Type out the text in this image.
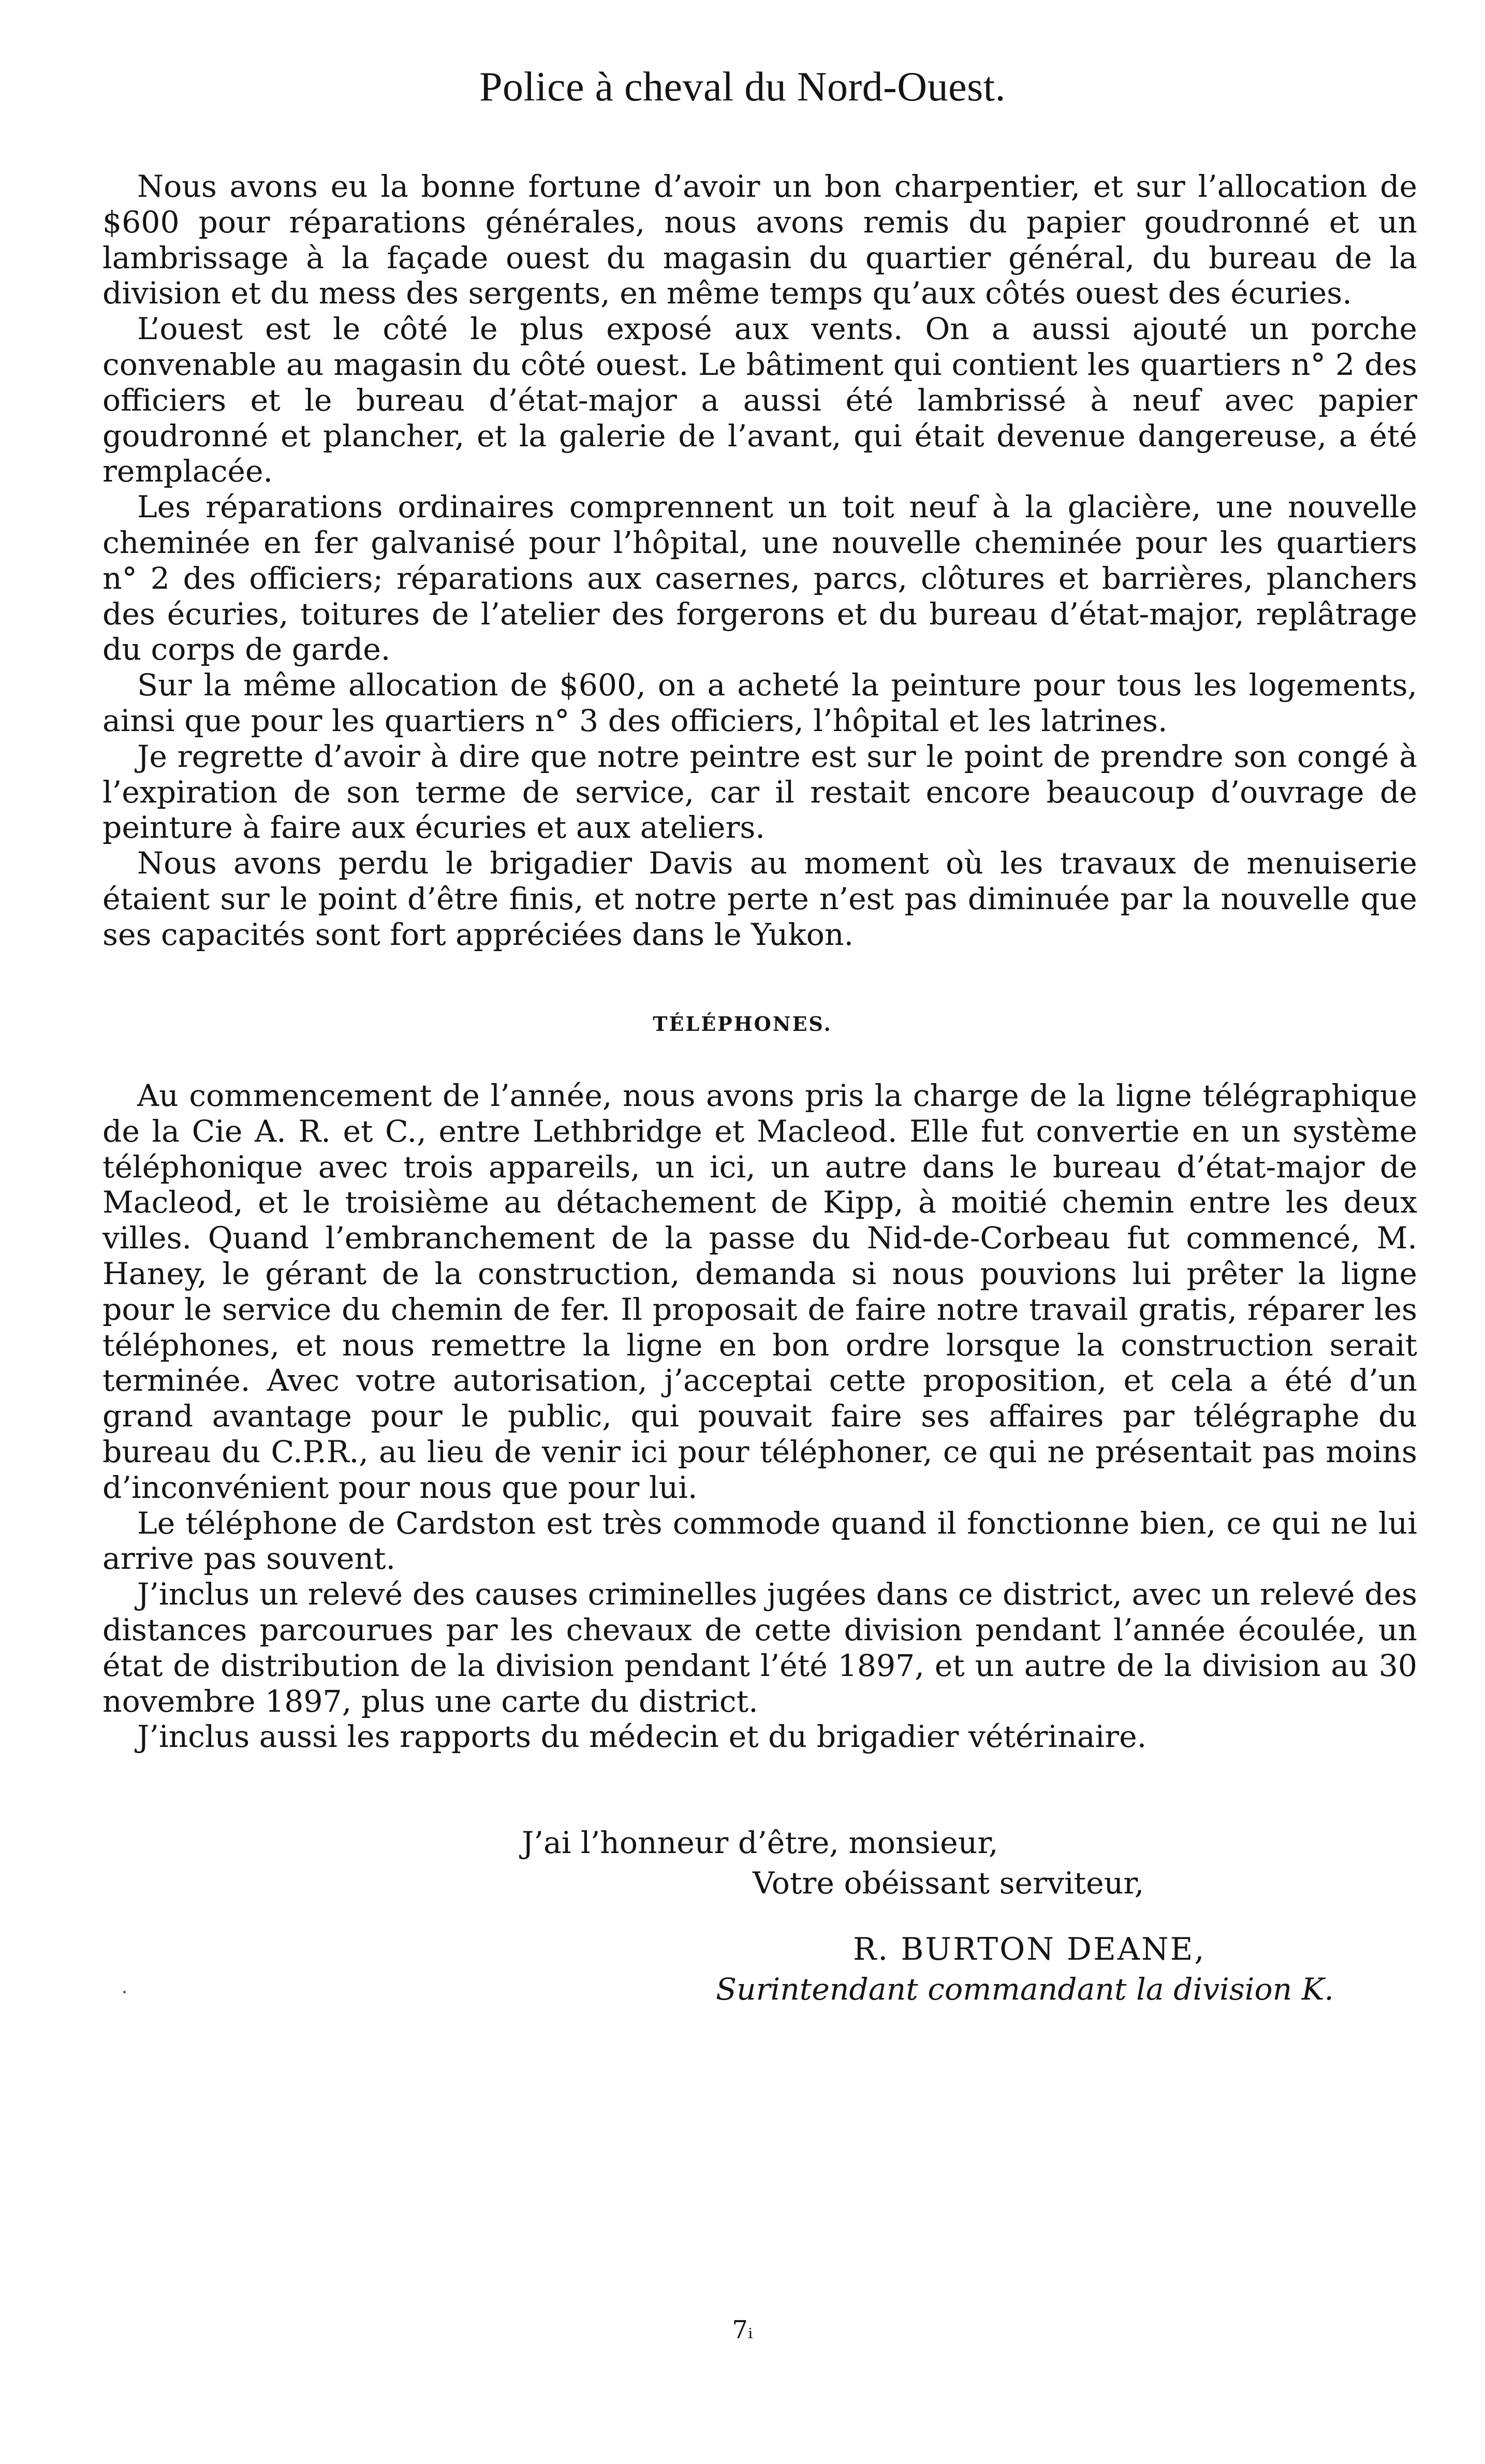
Police à cheval du Nord-Ouest.

Nous avons eu la bonne fortune d’avoir un bon charpentier, et sur l’allocation de $600 pour réparations générales, nous avons remis du papier goudronné et un lambrissage à la façade ouest du magasin du quartier général, du bureau de la division et du mess des sergents, en même temps qu’aux côtés ouest des écuries.

L’ouest est le côté le plus exposé aux vents. On a aussi ajouté un porche convenable au magasin du côté ouest. Le bâtiment qui contient les quartiers n° 2 des officiers et le bureau d’état-major a aussi été lambrissé à neuf avec papier goudronné et plancher, et la galerie de l’avant, qui était devenue dangereuse, a été remplacée.

Les réparations ordinaires comprennent un toit neuf à la glacière, une nouvelle cheminée en fer galvanisé pour l’hôpital, une nouvelle cheminée pour les quartiers n° 2 des officiers; réparations aux casernes, parcs, clôtures et barrières, planchers des écuries, toitures de l’atelier des forgerons et du bureau d’état-major, replâtrage du corps de garde.

Sur la même allocation de $600, on a acheté la peinture pour tous les logements, ainsi que pour les quartiers n° 3 des officiers, l’hôpital et les latrines.

Je regrette d’avoir à dire que notre peintre est sur le point de prendre son congé à l’expiration de son terme de service, car il restait encore beaucoup d’ouvrage de peinture à faire aux écuries et aux ateliers.

Nous avons perdu le brigadier Davis au moment où les travaux de menuiserie étaient sur le point d’être finis, et notre perte n’est pas diminuée par la nouvelle que ses capacités sont fort appréciées dans le Yukon.

TÉLÉPHONES.

Au commencement de l’année, nous avons pris la charge de la ligne télégraphique de la Cie A. R. et C., entre Lethbridge et Macleod. Elle fut convertie en un système téléphonique avec trois appareils, un ici, un autre dans le bureau d’état-major de Macleod, et le troisième au détachement de Kipp, à moitié chemin entre les deux villes. Quand l’embranchement de la passe du Nid-de-Corbeau fut commencé, M. Haney, le gérant de la construction, demanda si nous pouvions lui prêter la ligne pour le service du chemin de fer. Il proposait de faire notre travail gratis, réparer les téléphones, et nous remettre la ligne en bon ordre lorsque la construction serait terminée. Avec votre autorisation, j’acceptai cette proposition, et cela a été d’un grand avantage pour le public, qui pouvait faire ses affaires par télégraphe du bureau du C.P.R., au lieu de venir ici pour téléphoner, ce qui ne présentait pas moins d’inconvénient pour nous que pour lui.

Le téléphone de Cardston est très commode quand il fonctionne bien, ce qui ne lui arrive pas souvent.

J’inclus un relevé des causes criminelles jugées dans ce district, avec un relevé des distances parcourues par les chevaux de cette division pendant l’année écoulée, un état de distribution de la division pendant l’été 1897, et un autre de la division au 30 novembre 1897, plus une carte du district.

J’inclus aussi les rapports du médecin et du brigadier vétérinaire.

J’ai l’honneur d’être, monsieur,

Votre obéissant serviteur,

R. BURTON DEANE,

Surintendant commandant la division K.

7ᵢ
